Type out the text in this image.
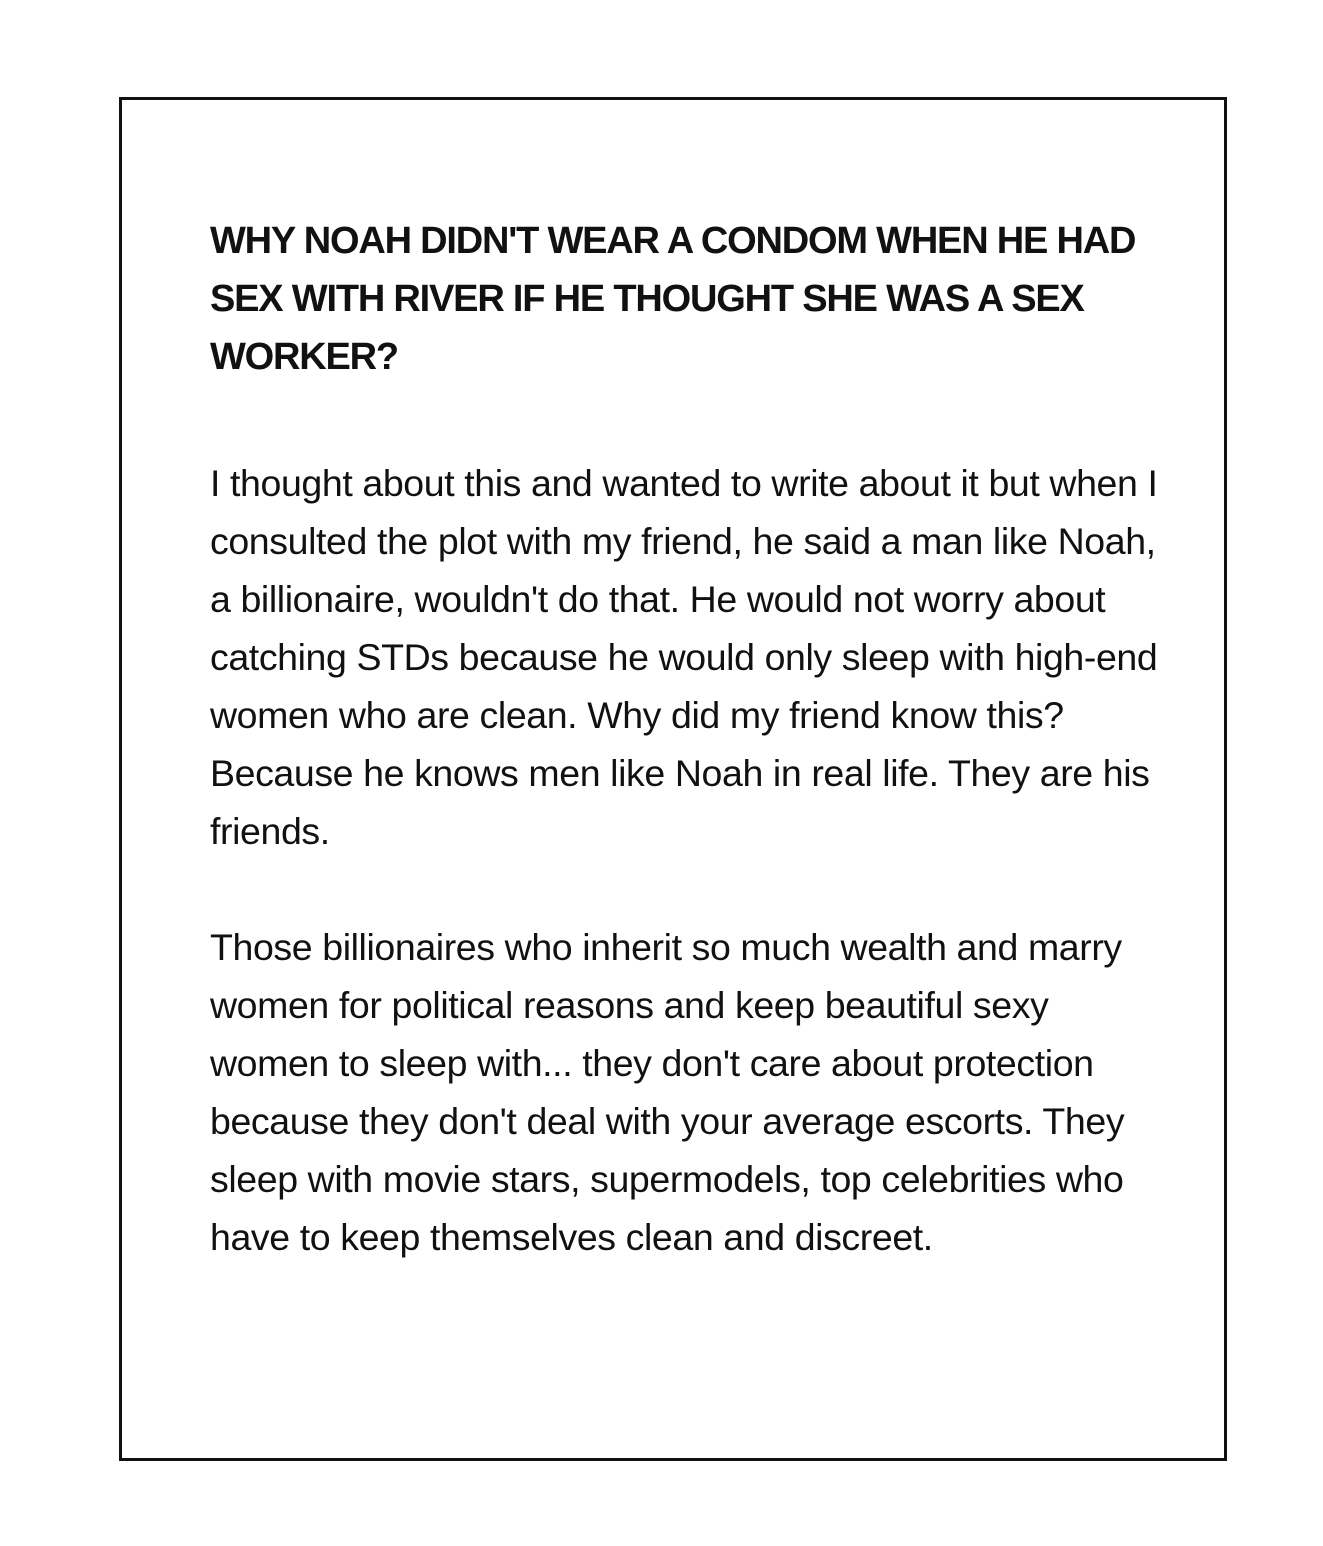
WHY NOAH DIDN'T WEAR A CONDOM WHEN HE HAD SEX WITH RIVER IF HE THOUGHT SHE WAS A SEX WORKER?

I thought about this and wanted to write about it but when I consulted the plot with my friend, he said a man like Noah, a billionaire, wouldn't do that. He would not worry about catching STDs because he would only sleep with high-end women who are clean. Why did my friend know this? Because he knows men like Noah in real life. They are his friends.

Those billionaires who inherit so much wealth and marry women for political reasons and keep beautiful sexy women to sleep with... they don't care about protection because they don't deal with your average escorts. They sleep with movie stars, supermodels, top celebrities who have to keep themselves clean and discreet.
